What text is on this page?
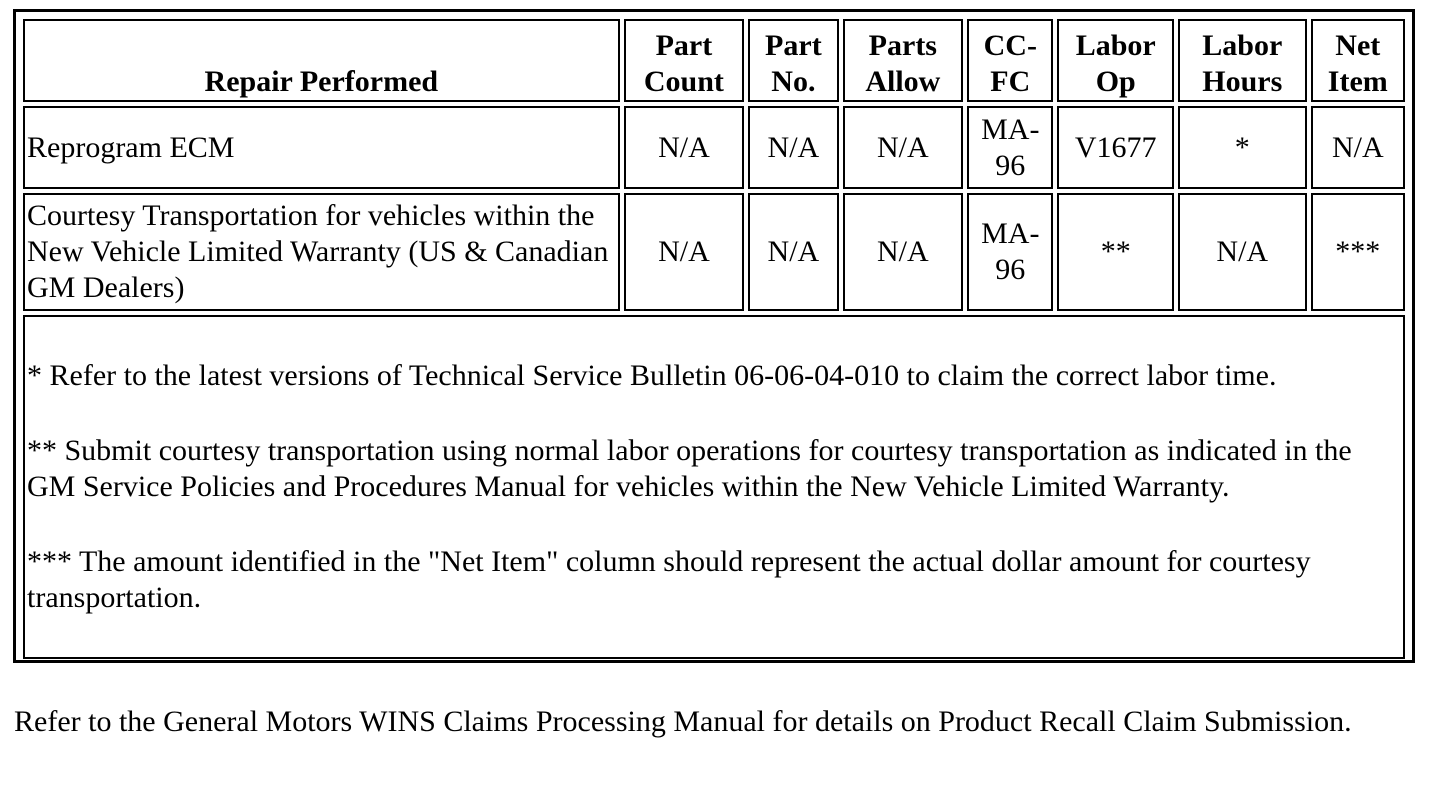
Repair Performed	Part Count	Part No.	Parts Allow	CC-FC	Labor Op	Labor Hours	Net Item
Reprogram ECM	N/A	N/A	N/A	MA-96	V1677	*	N/A
Courtesy Transportation for vehicles within the New Vehicle Limited Warranty (US & Canadian GM Dealers)	N/A	N/A	N/A	MA-96	**	N/A	***

* Refer to the latest versions of Technical Service Bulletin 06-06-04-010 to claim the correct labor time.

** Submit courtesy transportation using normal labor operations for courtesy transportation as indicated in the GM Service Policies and Procedures Manual for vehicles within the New Vehicle Limited Warranty.

*** The amount identified in the "Net Item" column should represent the actual dollar amount for courtesy transportation.							

Refer to the General Motors WINS Claims Processing Manual for details on Product Recall Claim Submission.
